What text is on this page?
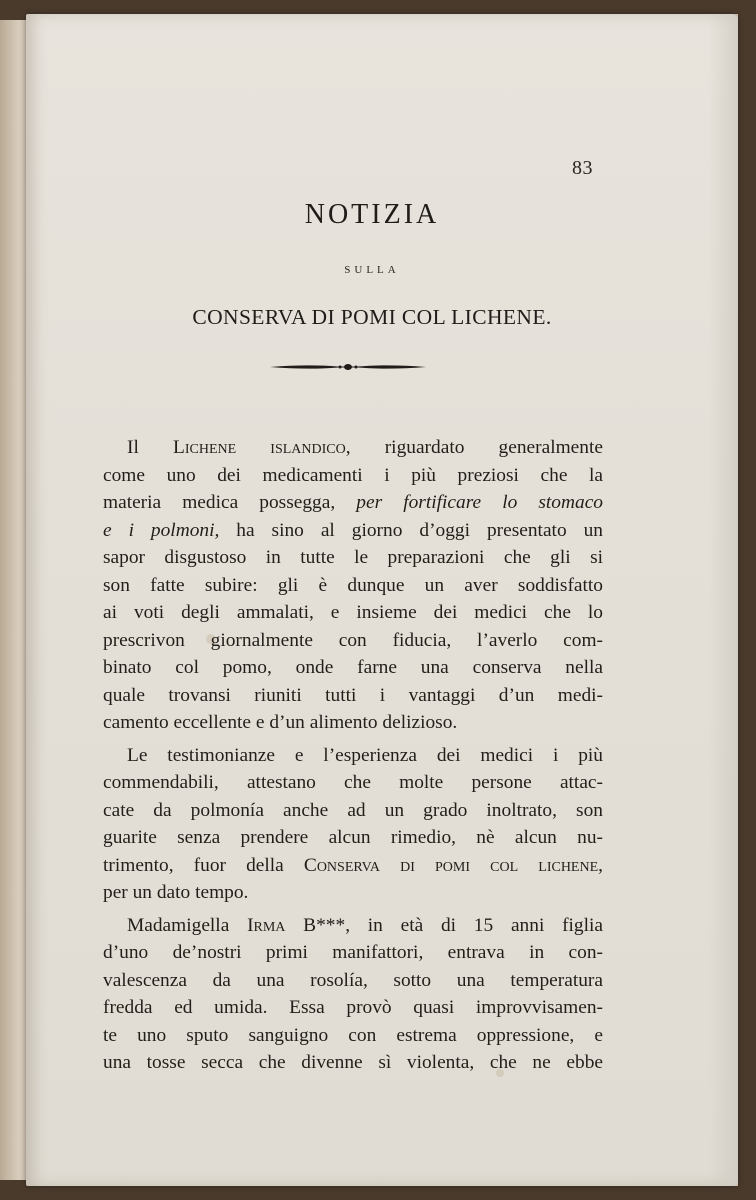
83
NOTIZIA
SULLA
CONSERVA DI POMI COL LICHENE.
Il Lichene islandico, riguardato generalmente
come uno dei medicamenti i più preziosi che la
materia medica possegga, per fortificare lo stomaco
e i polmoni, ha sino al giorno d’oggi presentato un
sapor disgustoso in tutte le preparazioni che gli si
son fatte subire: gli è dunque un aver soddisfatto
ai voti degli ammalati, e insieme dei medici che lo
prescrivon giornalmente con fiducia, l’averlo com-
binato col pomo, onde farne una conserva nella
quale trovansi riuniti tutti i vantaggi d’un medi-
camento eccellente e d’un alimento delizioso.
Le testimonianze e l’esperienza dei medici i più
commendabili, attestano che molte persone attac-
cate da polmonía anche ad un grado inoltrato, son
guarite senza prendere alcun rimedio, nè alcun nu-
trimento, fuor della Conserva di pomi col lichene,
per un dato tempo.
Madamigella Irma B***, in età di 15 anni figlia
d’uno de’nostri primi manifattori, entrava in con-
valescenza da una rosolía, sotto una temperatura
fredda ed umida. Essa provò quasi improvvisamen-
te uno sputo sanguigno con estrema oppressione, e
una tosse secca che divenne sì violenta, che ne ebbe
